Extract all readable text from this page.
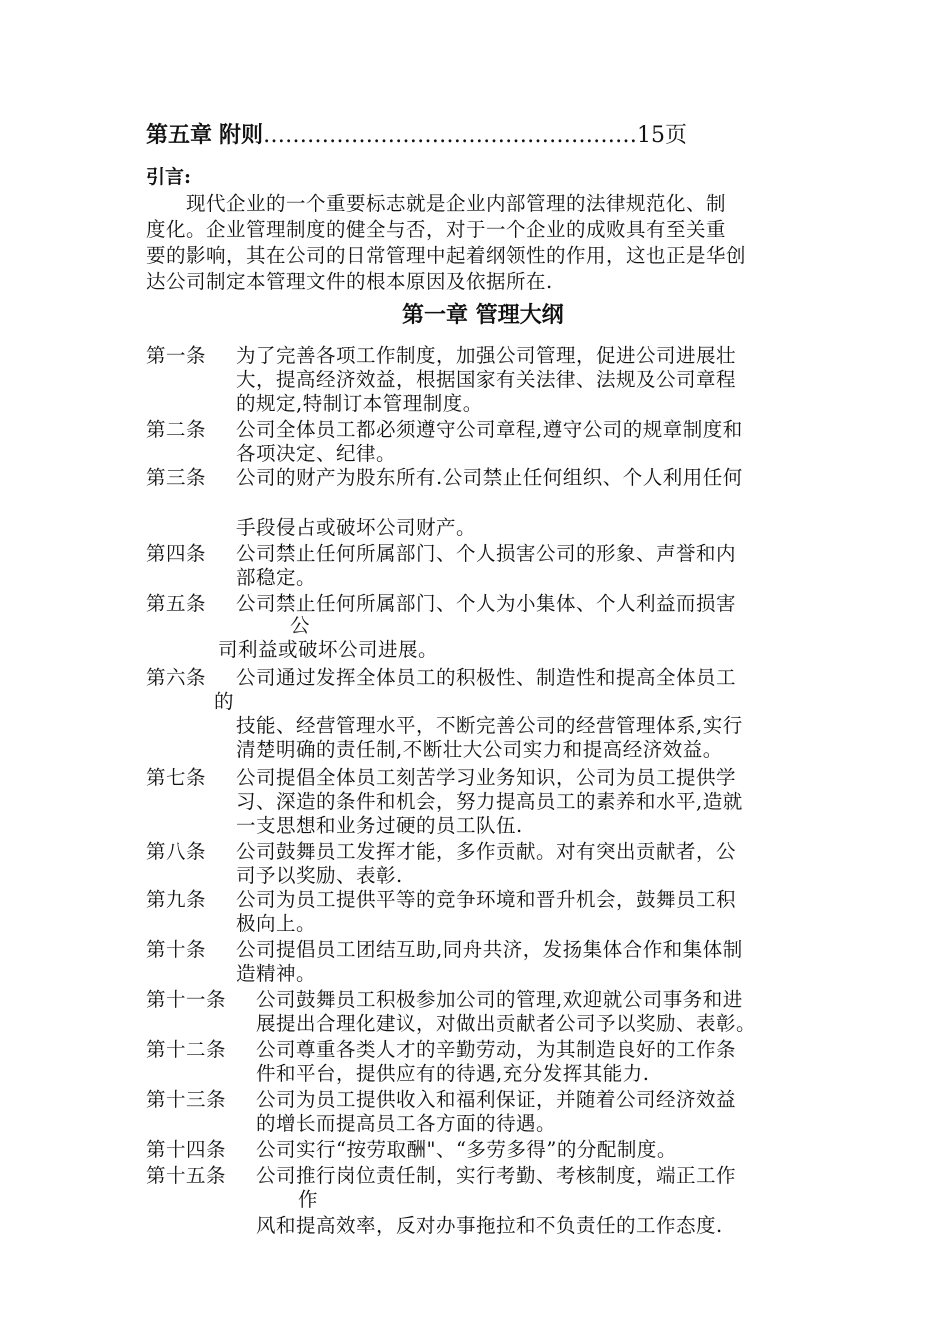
第五章 附则……………………………………………15页
引言:
现代企业的一个重要标志就是企业内部管理的法律规范化、制
度化。企业管理制度的健全与否，对于一个企业的成败具有至关重
要的影响，其在公司的日常管理中起着纲领性的作用，这也正是华创
达公司制定本管理文件的根本原因及依据所在.
第一章 管理大纲
第一条 为了完善各项工作制度，加强公司管理，促进公司进展壮
大，提高经济效益，根据国家有关法律、法规及公司章程
的规定,特制订本管理制度。
第二条 公司全体员工都必须遵守公司章程,遵守公司的规章制度和
各项决定、纪律。
第三条 公司的财产为股东所有.公司禁止任何组织、个人利用任何
手段侵占或破坏公司财产。
第四条 公司禁止任何所属部门、个人损害公司的形象、声誉和内
部稳定。
第五条 公司禁止任何所属部门、个人为小集体、个人利益而损害
公
司利益或破坏公司进展。
第六条 公司通过发挥全体员工的积极性、制造性和提高全体员工
的
技能、经营管理水平，不断完善公司的经营管理体系,实行
清楚明确的责任制,不断壮大公司实力和提高经济效益。
第七条 公司提倡全体员工刻苦学习业务知识，公司为员工提供学
习、深造的条件和机会，努力提高员工的素养和水平,造就
一支思想和业务过硬的员工队伍.
第八条 公司鼓舞员工发挥才能，多作贡献。对有突出贡献者，公
司予以奖励、表彰.
第九条 公司为员工提供平等的竞争环境和晋升机会，鼓舞员工积
极向上。
第十条 公司提倡员工团结互助,同舟共济，发扬集体合作和集体制
造精神。
第十一条 公司鼓舞员工积极参加公司的管理,欢迎就公司事务和进
展提出合理化建议，对做出贡献者公司予以奖励、表彰。
第十二条 公司尊重各类人才的辛勤劳动，为其制造良好的工作条
件和平台，提供应有的待遇,充分发挥其能力.
第十三条 公司为员工提供收入和福利保证，并随着公司经济效益
的增长而提高员工各方面的待遇。
第十四条 公司实行“按劳取酬"、“多劳多得”的分配制度。
第十五条 公司推行岗位责任制，实行考勤、考核制度，端正工作
作
风和提高效率，反对办事拖拉和不负责任的工作态度.
